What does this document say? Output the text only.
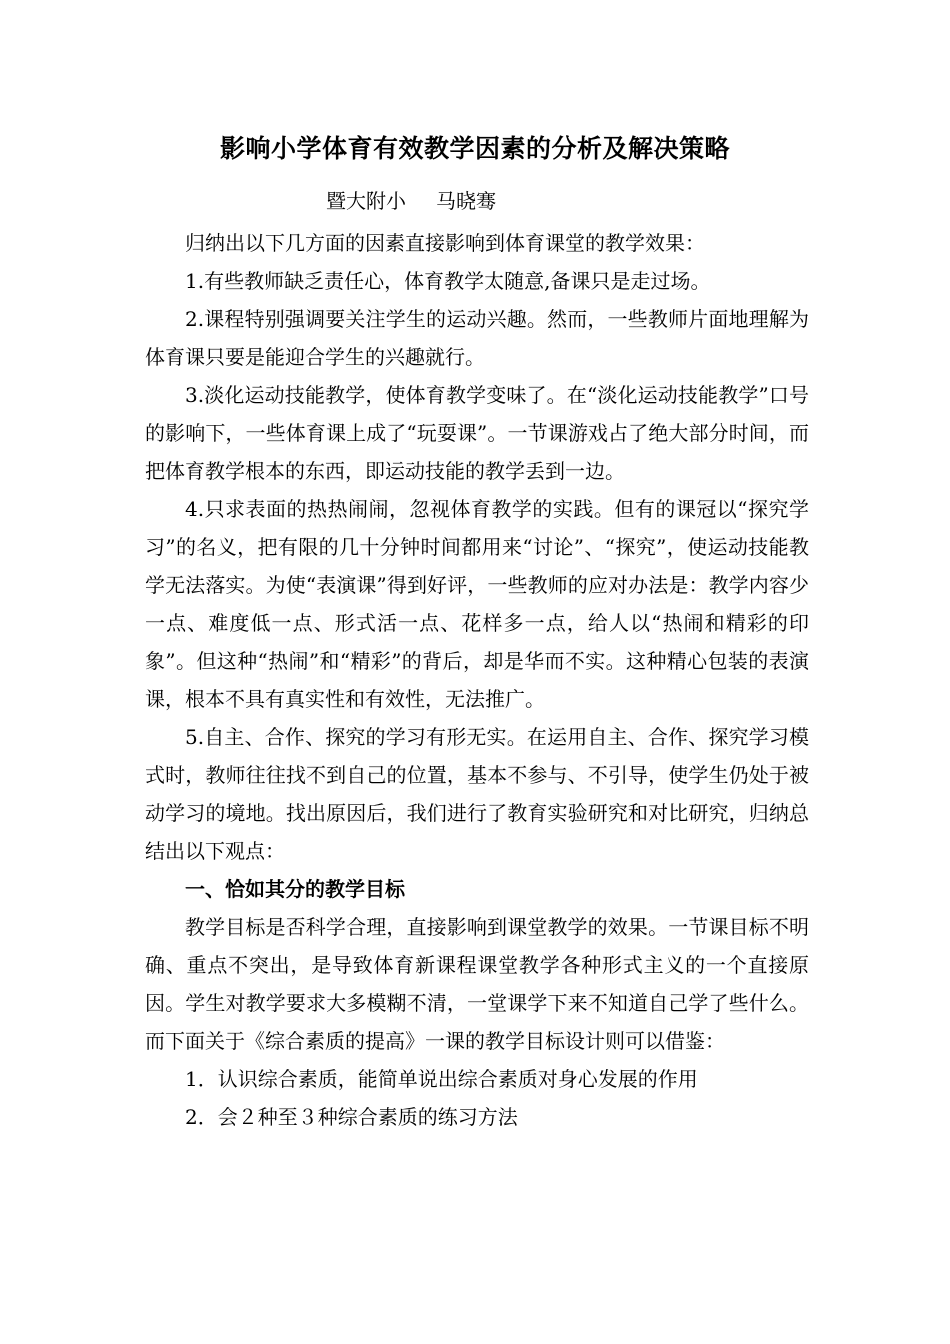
影响小学体育有效教学因素的分析及解决策略
暨大附小 马晓骞

归纳出以下几方面的因素直接影响到体育课堂的教学效果：

1.有些教师缺乏责任心，体育教学太随意,备课只是走过场。

2.课程特别强调要关注学生的运动兴趣。然而，一些教师片面地理解为体育课只要是能迎合学生的兴趣就行。

3.淡化运动技能教学，使体育教学变味了。在“淡化运动技能教学”口号的影响下，一些体育课上成了“玩耍课”。一节课游戏占了绝大部分时间，而把体育教学根本的东西，即运动技能的教学丢到一边。

4.只求表面的热热闹闹，忽视体育教学的实践。但有的课冠以“探究学习”的名义，把有限的几十分钟时间都用来“讨论”、“探究”，使运动技能教学无法落实。为使“表演课”得到好评，一些教师的应对办法是：教学内容少一点、难度低一点、形式活一点、花样多一点，给人以“热闹和精彩的印象”。但这种“热闹”和“精彩”的背后，却是华而不实。这种精心包装的表演课，根本不具有真实性和有效性，无法推广。

5.自主、合作、探究的学习有形无实。在运用自主、合作、探究学习模式时，教师往往找不到自己的位置，基本不参与、不引导，使学生仍处于被动学习的境地。找出原因后，我们进行了教育实验研究和对比研究，归纳总结出以下观点：

一、恰如其分的教学目标

教学目标是否科学合理，直接影响到课堂教学的效果。一节课目标不明确、重点不突出，是导致体育新课程课堂教学各种形式主义的一个直接原因。学生对教学要求大多模糊不清，一堂课学下来不知道自己学了些什么。而下面关于《综合素质的提高》一课的教学目标设计则可以借鉴：

1．认识综合素质，能简单说出综合素质对身心发展的作用

2．会２种至３种综合素质的练习方法
